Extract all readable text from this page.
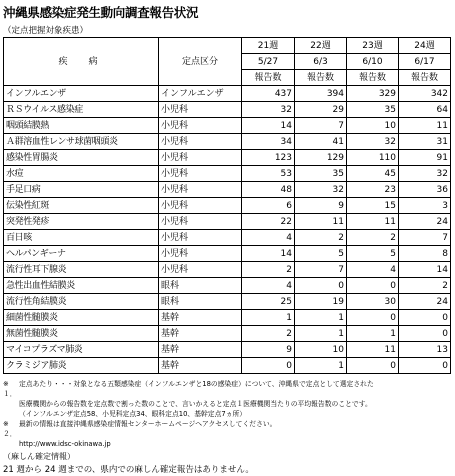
沖縄県感染症発生動向調査報告状況
（定点把握対象疾患）
疾　病	定点区分	21週	22週	23週	24週
		5/27	6/3	6/10	6/17
		報告数	報告数	報告数	報告数
インフルエンザ	インフルエンザ	437	394	329	342
ＲＳウイルス感染症	小児科	32	29	35	64
咽頭結膜熱	小児科	14	7	10	11
Ａ群溶血性レンサ球菌咽頭炎	小児科	34	41	32	31
感染性胃腸炎	小児科	123	129	110	91
水痘	小児科	53	35	45	32
手足口病	小児科	48	32	23	36
伝染性紅斑	小児科	6	9	15	3
突発性発疹	小児科	22	11	11	24
百日咳	小児科	4	2	2	7
ヘルパンギーナ	小児科	14	5	5	8
流行性耳下腺炎	小児科	2	7	4	14
急性出血性結膜炎	眼科	4	0	0	2
流行性角結膜炎	眼科	25	19	30	24
細菌性髄膜炎	基幹	1	1	0	0
無菌性髄膜炎	基幹	2	1	1	0
マイコプラズマ肺炎	基幹	9	10	11	13
クラミジア肺炎	基幹	0	1	0	0
※１．
定点あたり・・・対象となる五類感染症（インフルエンザと18の感染症）について、沖縄県で定点として選定された
医療機関からの報告数を定点数で割った数のことで、言いかえると定点１医療機関当たりの平均報告数のことです。
（インフルエンザ定点58、小児科定点34、眼科定点10、基幹定点7ヵ所）
※２．
最新の情報は直接沖縄県感染症情報センターホームページへアクセスしてください。
http://www.idsc-okinawa.jp
（麻しん確定情報）
21 週から 24 週までの、県内での麻しん確定報告はありません。
